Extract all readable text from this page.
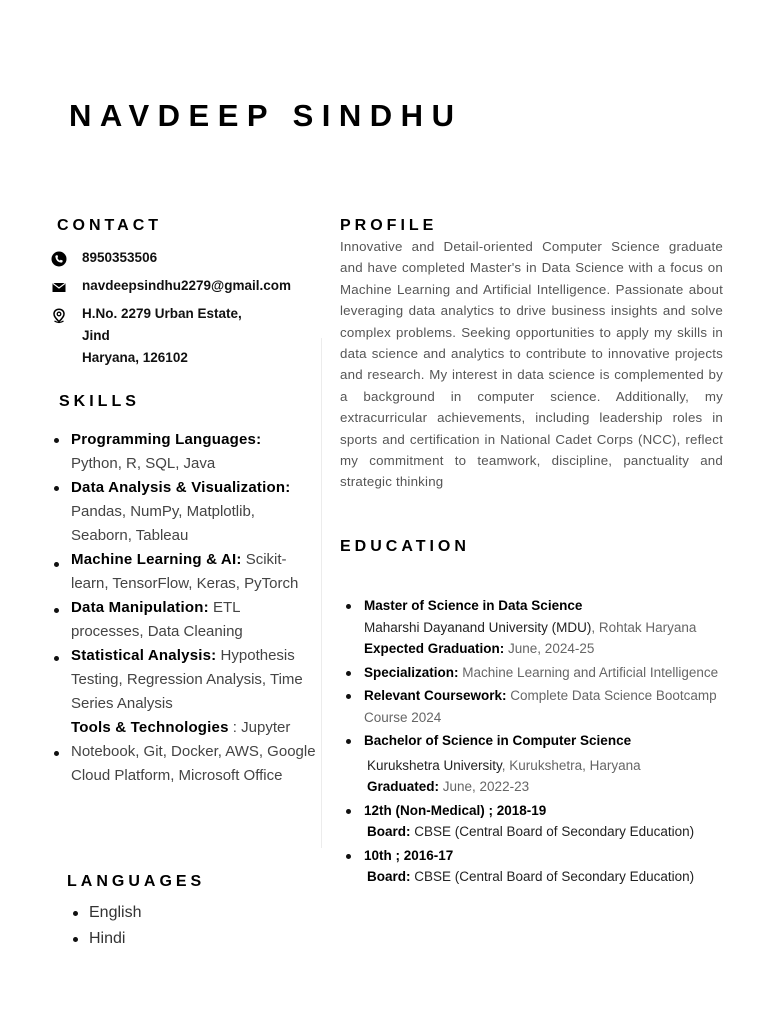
NAVDEEP SINDHU
CONTACT
8950353506
navdeepsindhu2279@gmail.com
H.No. 2279 Urban Estate,
Jind
Haryana, 126102
SKILLS
Programming Languages: Python, R, SQL, Java
Data Analysis & Visualization: Pandas, NumPy, Matplotlib, Seaborn, Tableau
Machine Learning & AI: Scikit-learn, TensorFlow, Keras, PyTorch
Data Manipulation: ETL processes, Data Cleaning
Statistical Analysis: Hypothesis Testing, Regression Analysis, Time Series Analysis
Tools & Technologies : Jupyter Notebook, Git, Docker, AWS, Google Cloud Platform, Microsoft Office
LANGUAGES
English
Hindi
PROFILE
Innovative and Detail-oriented Computer Science graduate and have completed Master's in Data Science with a focus on Machine Learning and Artificial Intelligence. Passionate about leveraging data analytics to drive business insights and solve complex problems. Seeking opportunities to apply my skills in data science and analytics to contribute to innovative projects and research. My interest in data science is complemented by a background in computer science. Additionally, my extracurricular achievements, including leadership roles in sports and certification in National Cadet Corps (NCC), reflect my commitment to teamwork, discipline, panctuality and strategic thinking
EDUCATION
Master of Science in Data Science
Maharshi Dayanand University (MDU), Rohtak Haryana
Expected Graduation: June, 2024-25
Specialization: Machine Learning and Artificial Intelligence
Relevant Coursework: Complete Data Science Bootcamp Course 2024
Bachelor of Science in Computer Science
Kurukshetra University, Kurukshetra, Haryana
Graduated: June, 2022-23
12th (Non-Medical) ; 2018-19
Board: CBSE (Central Board of Secondary Education)
10th ; 2016-17
Board: CBSE (Central Board of Secondary Education)
